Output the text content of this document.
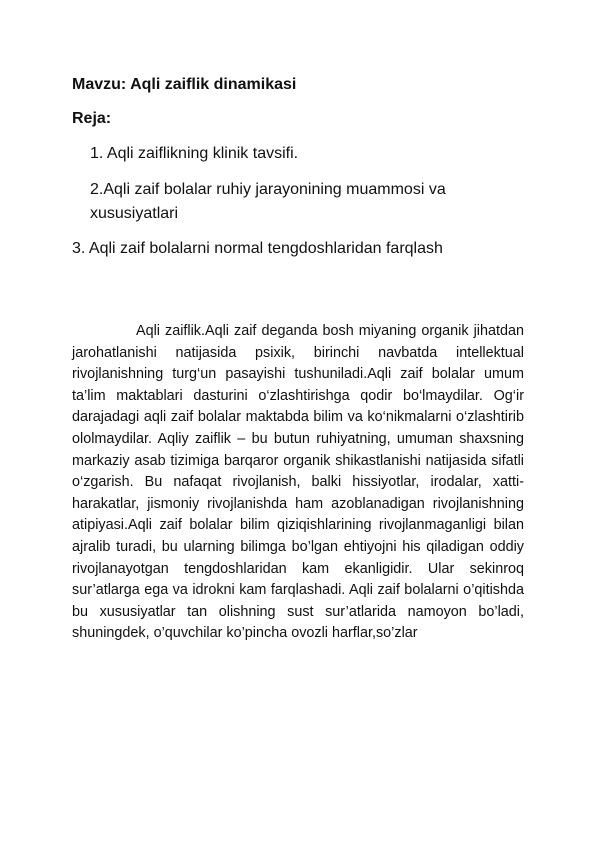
Mavzu: Aqli zaiflik dinamikasi
Reja:
1. Aqli zaiflikning klinik tavsifi.
2.Aqli zaif bolalar ruhiy jarayonining muammosi va xususiyatlari
3. Aqli zaif bolalarni normal tengdoshlaridan farqlash

Aqli zaiflik.Aqli zaif deganda bosh miyaning organik jihatdan jarohatlanishi natijasida psixik, birinchi navbatda intellektual rivojlanishning turg‘un pasayishi tushuniladi.Aqli zaif bolalar umum ta’lim maktablari dasturini o‘zlashtirishga qodir bo‘lmaydilar. Og‘ir darajadagi aqli zaif bolalar maktabda bilim va ko‘nikmalarni o‘zlashtirib ololmaydilar. Aqliy zaiflik – bu butun ruhiyatning, umuman shaxsning markaziy asab tizimiga barqaror organik shikastlanishi natijasida sifatli o‘zgarish. Bu nafaqat rivojlanish, balki hissiyotlar, irodalar, xatti-harakatlar, jismoniy rivojlanishda ham azoblanadigan rivojlanishning atipiyasi.Aqli zaif bolalar bilim qiziqishlarining rivojlanmaganligi bilan ajralib turadi, bu ularning bilimga bo’lgan ehtiyojni his qiladigan oddiy rivojlanayotgan tengdoshlaridan kam ekanligidir. Ular sekinroq sur’atlarga ega va idrokni kam farqlashadi. Aqli zaif bolalarni o’qitishda bu xususiyatlar tan olishning sust sur’atlarida namoyon bo’ladi, shuningdek, o’quvchilar ko’pincha ovozli harflar,so’zlar
